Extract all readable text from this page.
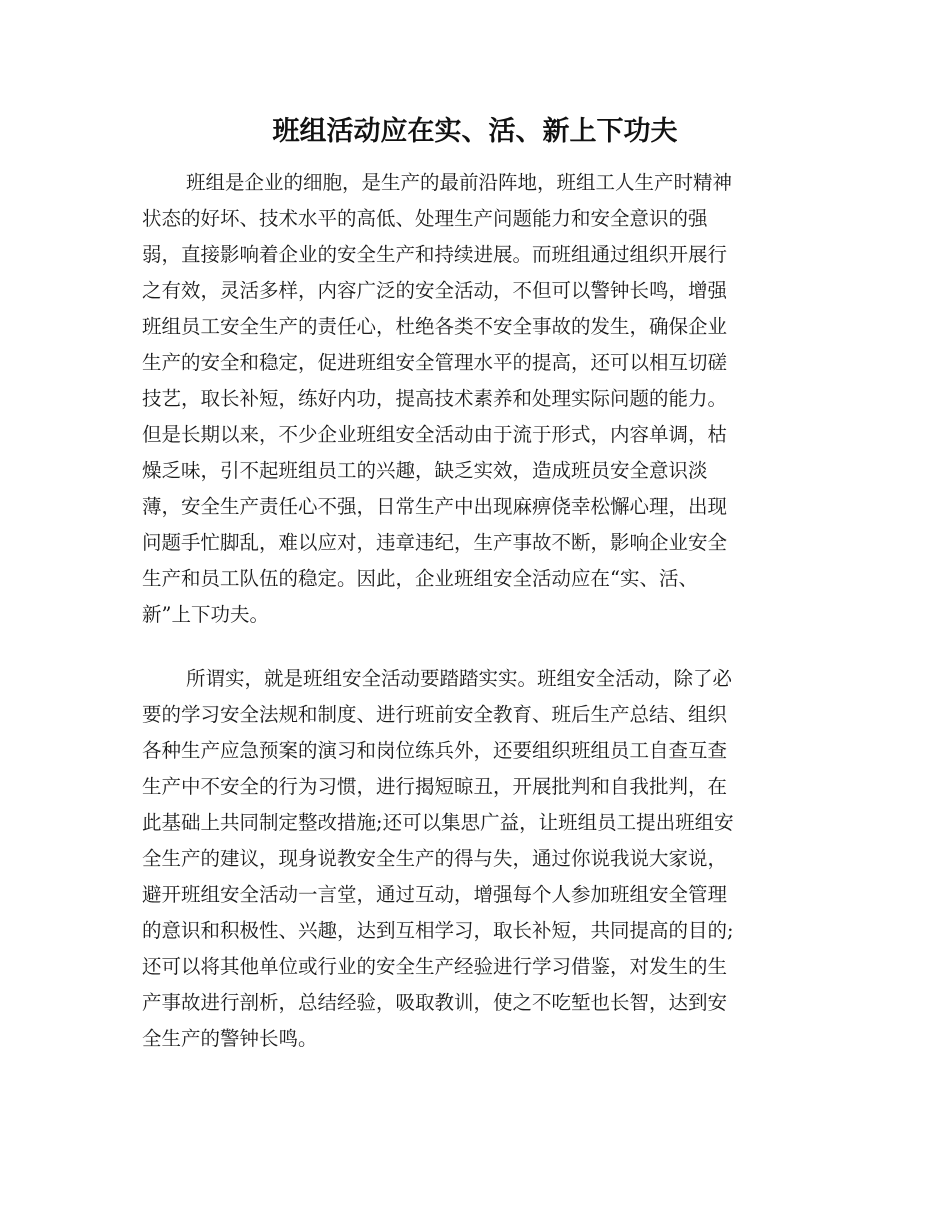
班组活动应在实、活、新上下功夫

班组是企业的细胞，是生产的最前沿阵地，班组工人生产时精神

状态的好坏、技术水平的高低、处理生产问题能力和安全意识的强

弱，直接影响着企业的安全生产和持续进展。而班组通过组织开展行

之有效，灵活多样，内容广泛的安全活动，不但可以警钟长鸣，增强

班组员工安全生产的责任心，杜绝各类不安全事故的发生，确保企业

生产的安全和稳定，促进班组安全管理水平的提高，还可以相互切磋

技艺，取长补短，练好内功，提高技术素养和处理实际问题的能力。

但是长期以来，不少企业班组安全活动由于流于形式，内容单调，枯

燥乏味，引不起班组员工的兴趣，缺乏实效，造成班员安全意识淡

薄，安全生产责任心不强，日常生产中出现麻痹侥幸松懈心理，出现

问题手忙脚乱，难以应对，违章违纪，生产事故不断，影响企业安全

生产和员工队伍的稳定。因此，企业班组安全活动应在“实、活、

新”上下功夫。

所谓实，就是班组安全活动要踏踏实实。班组安全活动，除了必

要的学习安全法规和制度、进行班前安全教育、班后生产总结、组织

各种生产应急预案的演习和岗位练兵外，还要组织班组员工自查互查

生产中不安全的行为习惯，进行揭短晾丑，开展批判和自我批判，在

此基础上共同制定整改措施;还可以集思广益，让班组员工提出班组安

全生产的建议，现身说教安全生产的得与失，通过你说我说大家说，

避开班组安全活动一言堂，通过互动，增强每个人参加班组安全管理

的意识和积极性、兴趣，达到互相学习，取长补短，共同提高的目的;

还可以将其他单位或行业的安全生产经验进行学习借鉴，对发生的生

产事故进行剖析，总结经验，吸取教训，使之不吃堑也长智，达到安

全生产的警钟长鸣。
